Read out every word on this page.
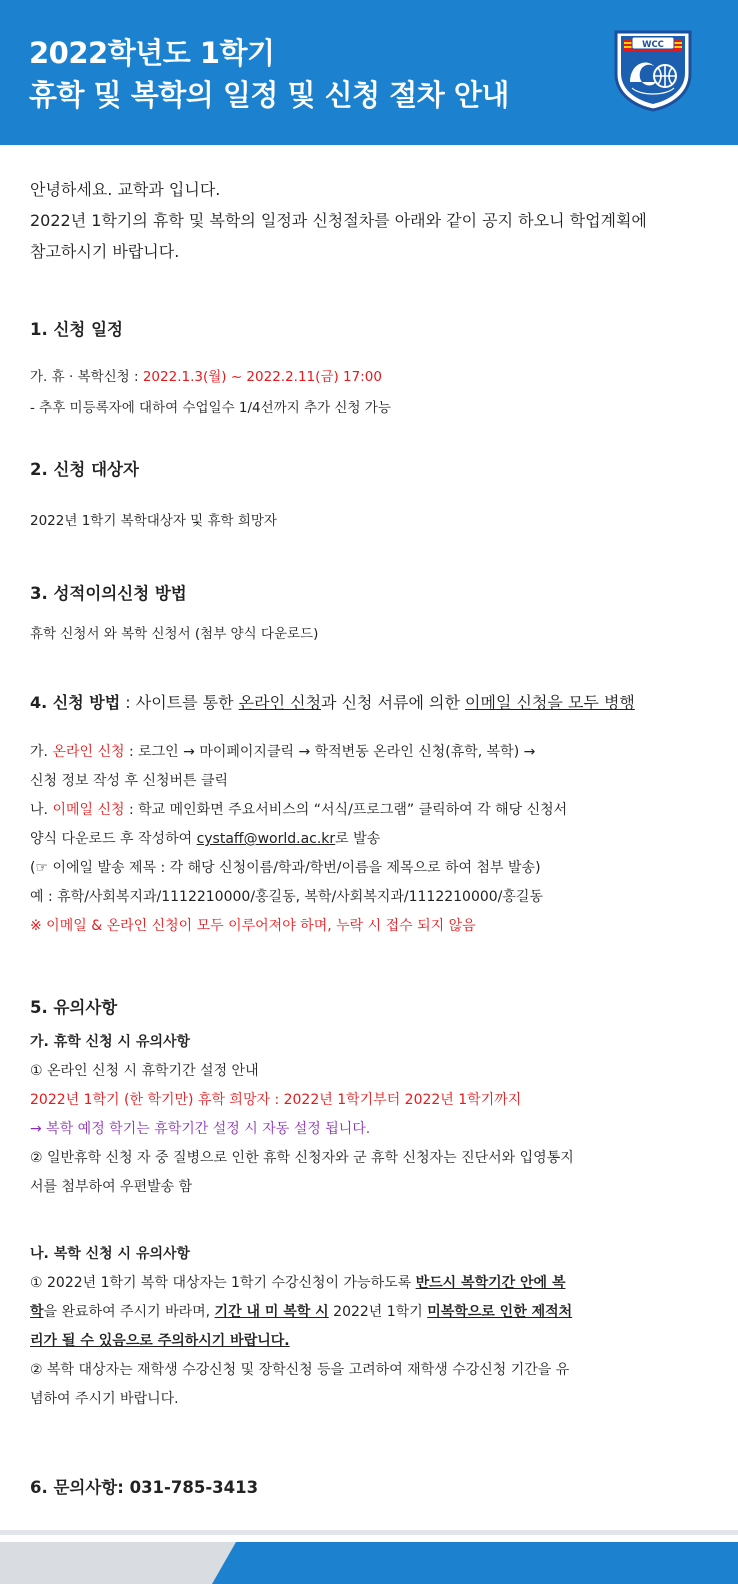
2022학년도 1학기
휴학 및 복학의 일정 및 신청 절차 안내
WCC
안녕하세요. 교학과 입니다.
2022년 1학기의 휴학 및 복학의 일정과 신청절차를 아래와 같이 공지 하오니 학업계획에
참고하시기 바랍니다.
1. 신청 일정
가. 휴 · 복학신청 : 2022.1.3(월) ~ 2022.2.11(금) 17:00
- 추후 미등록자에 대하여 수업일수 1/4선까지 추가 신청 가능
2. 신청 대상자
2022년 1학기 복학대상자 및 휴학 희망자
3. 성적이의신청 방법
휴학 신청서 와 복학 신청서 (첨부 양식 다운로드)
4. 신청 방법 : 사이트를 통한 온라인 신청과 신청 서류에 의한 이메일 신청을 모두 병행
가. 온라인 신청 : 로그인 → 마이페이지클릭 → 학적변동 온라인 신청(휴학, 복학) →
신청 정보 작성 후 신청버튼 클릭
나. 이메일 신청 : 학교 메인화면 주요서비스의 “서식/프로그램” 클릭하여 각 해당 신청서
양식 다운로드 후 작성하여 cystaff@world.ac.kr로 발송
(☞ 이에일 발송 제목 : 각 해당 신청이름/학과/학번/이름을 제목으로 하여 첨부 발송)
예 : 휴학/사회복지과/1112210000/홍길동, 복학/사회복지과/1112210000/홍길동
※ 이메일 & 온라인 신청이 모두 이루어져야 하며, 누락 시 접수 되지 않음
5. 유의사항
가. 휴학 신청 시 유의사항
① 온라인 신청 시 휴학기간 설정 안내
2022년 1학기 (한 학기만) 휴학 희망자 : 2022년 1학기부터 2022년 1학기까지
→ 복학 예정 학기는 휴학기간 설정 시 자동 설정 됩니다.
② 일반휴학 신청 자 중 질병으로 인한 휴학 신청자와 군 휴학 신청자는 진단서와 입영통지
서를 첨부하여 우편발송 함
나. 복학 신청 시 유의사항
① 2022년 1학기 복학 대상자는 1학기 수강신청이 가능하도록 반드시 복학기간 안에 복
학을 완료하여 주시기 바라며, 기간 내 미 복학 시 2022년 1학기 미복학으로 인한 제적처
리가 될 수 있음으로 주의하시기 바랍니다.
② 복학 대상자는 재학생 수강신청 및 장학신청 등을 고려하여 재학생 수강신청 기간을 유
념하여 주시기 바랍니다.
6. 문의사항: 031-785-3413
